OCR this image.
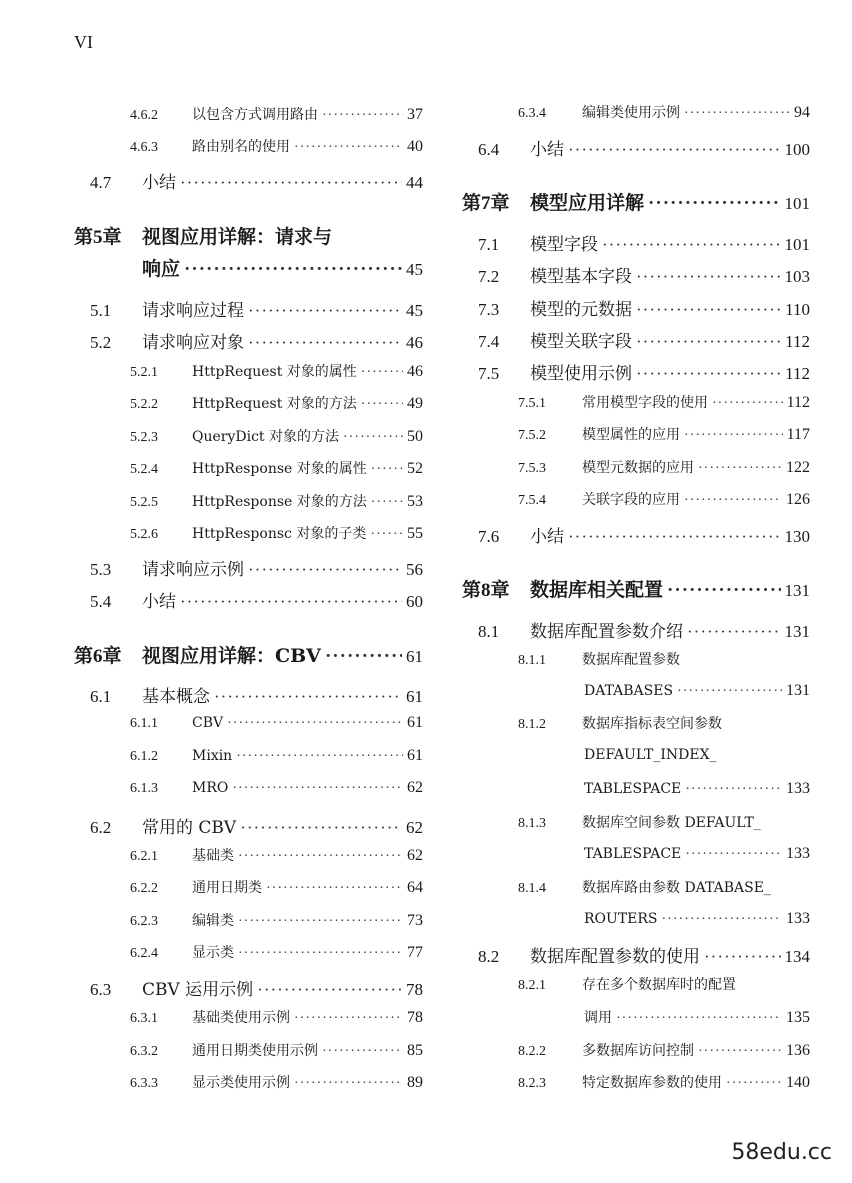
VI
4.6.2	以包含方式调用路由 ·····	37
4.6.3	路由别名的使用 ·····	40
4.7	小结 ·····	44
第5章	视图应用详解：请求与
响应 ·····	45
5.1	请求响应过程 ·····	45
5.2	请求响应对象 ·····	46
5.2.1	HttpRequest 对象的属性 ·····	46
5.2.2	HttpRequest 对象的方法 ·····	49
5.2.3	QueryDict 对象的方法 ·····	50
5.2.4	HttpResponse 对象的属性 ·····	52
5.2.5	HttpResponse 对象的方法 ·····	53
5.2.6	HttpResponsc 对象的子类 ·····	55
5.3	请求响应示例 ·····	56
5.4	小结 ·····	60
第6章	视图应用详解：CBV ·····	61
6.1	基本概念 ·····	61
6.1.1	CBV ·····	61
6.1.2	Mixin ·····	61
6.1.3	MRO ·····	62
6.2	常用的 CBV ·····	62
6.2.1	基础类 ·····	62
6.2.2	通用日期类 ·····	64
6.2.3	编辑类 ·····	73
6.2.4	显示类 ·····	77
6.3	CBV 运用示例 ·····	78
6.3.1	基础类使用示例 ·····	78
6.3.2	通用日期类使用示例 ·····	85
6.3.3	显示类使用示例 ·····	89
6.3.4	编辑类使用示例 ·····	94
6.4	小结 ·····	100
第7章	模型应用详解 ·····	101
7.1	模型字段 ·····	101
7.2	模型基本字段 ·····	103
7.3	模型的元数据 ·····	110
7.4	模型关联字段 ·····	112
7.5	模型使用示例 ·····	112
7.5.1	常用模型字段的使用 ·····	112
7.5.2	模型属性的应用 ·····	117
7.5.3	模型元数据的应用 ·····	122
7.5.4	关联字段的应用 ·····	126
7.6	小结 ·····	130
第8章	数据库相关配置 ·····	131
8.1	数据库配置参数介绍 ·····	131
8.1.1	数据库配置参数
DATABASES ·····	131
8.1.2	数据库指标表空间参数
DEFAULT_INDEX_
TABLESPACE ·····	133
8.1.3	数据库空间参数 DEFAULT_
TABLESPACE ·····	133
8.1.4	数据库路由参数 DATABASE_
ROUTERS ·····	133
8.2	数据库配置参数的使用 ·····	134
8.2.1	存在多个数据库时的配置
调用 ·····	135
8.2.2	多数据库访问控制 ·····	136
8.2.3	特定数据库参数的使用 ·····	140
58edu.cc
